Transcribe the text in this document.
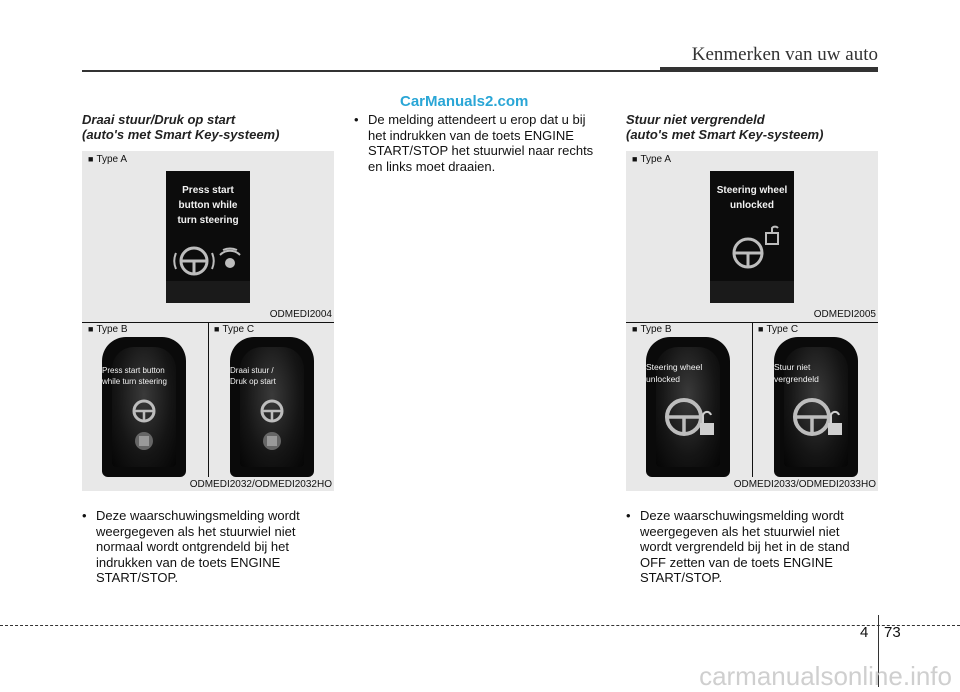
Kenmerken van uw auto
CarManuals2.com
Draai stuur/Druk op start
(auto's met Smart Key-systeem)
■ Type A
Press start
button while
turn steering
ODMEDI2004
■ Type B	■ Type C
Press start button
while turn steering
Draai stuur /
Druk op start
ODMEDI2032/ODMEDI2032HO
• Deze waarschuwingsmelding wordt
weergegeven als het stuurwiel niet
normaal wordt ontgrendeld bij het
indrukken van de toets ENGINE
START/STOP.
• De melding attendeert u erop dat u bij
het indrukken van de toets ENGINE
START/STOP het stuurwiel naar rechts
en links moet draaien.
Stuur niet vergrendeld
(auto's met Smart Key-systeem)
■ Type A
Steering wheel
unlocked
ODMEDI2005
■ Type B	■ Type C
Steering wheel
unlocked
Stuur niet
vergrendeld
ODMEDI2033/ODMEDI2033HO
• Deze waarschuwingsmelding wordt
weergegeven als het stuurwiel niet
wordt vergrendeld bij het in de stand
OFF zetten van de toets ENGINE
START/STOP.
4 73
carmanualsonline.info
